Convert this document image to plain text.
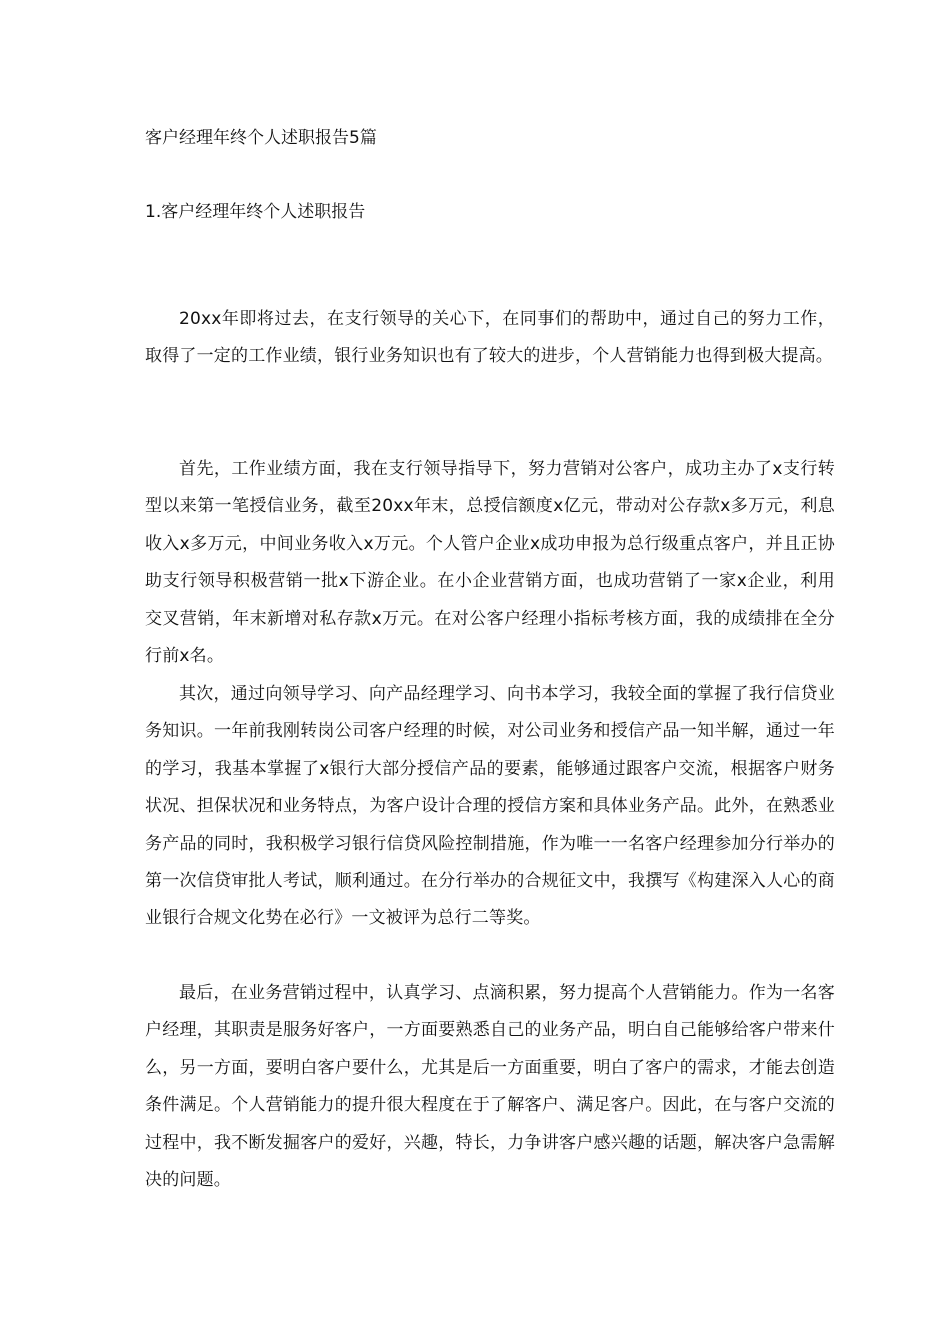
客户经理年终个人述职报告5篇
1.客户经理年终个人述职报告

20xx年即将过去，在支行领导的关心下，在同事们的帮助中，通过自己的努力工作，取得了一定的工作业绩，银行业务知识也有了较大的进步，个人营销能力也得到极大提高。

首先，工作业绩方面，我在支行领导指导下，努力营销对公客户，成功主办了x支行转型以来第一笔授信业务，截至20xx年末，总授信额度x亿元，带动对公存款x多万元，利息收入x多万元，中间业务收入x万元。个人管户企业x成功申报为总行级重点客户，并且正协助支行领导积极营销一批x下游企业。在小企业营销方面，也成功营销了一家x企业，利用交叉营销，年末新增对私存款x万元。在对公客户经理小指标考核方面，我的成绩排在全分行前x名。

其次，通过向领导学习、向产品经理学习、向书本学习，我较全面的掌握了我行信贷业务知识。一年前我刚转岗公司客户经理的时候，对公司业务和授信产品一知半解，通过一年的学习，我基本掌握了x银行大部分授信产品的要素，能够通过跟客户交流，根据客户财务状况、担保状况和业务特点，为客户设计合理的授信方案和具体业务产品。此外，在熟悉业务产品的同时，我积极学习银行信贷风险控制措施，作为唯一一名客户经理参加分行举办的第一次信贷审批人考试，顺利通过。在分行举办的合规征文中，我撰写《构建深入人心的商业银行合规文化势在必行》一文被评为总行二等奖。

最后，在业务营销过程中，认真学习、点滴积累，努力提高个人营销能力。作为一名客户经理，其职责是服务好客户，一方面要熟悉自己的业务产品，明白自己能够给客户带来什么，另一方面，要明白客户要什么，尤其是后一方面重要，明白了客户的需求，才能去创造条件满足。个人营销能力的提升很大程度在于了解客户、满足客户。因此，在与客户交流的过程中，我不断发掘客户的爱好，兴趣，特长，力争讲客户感兴趣的话题，解决客户急需解决的问题。
